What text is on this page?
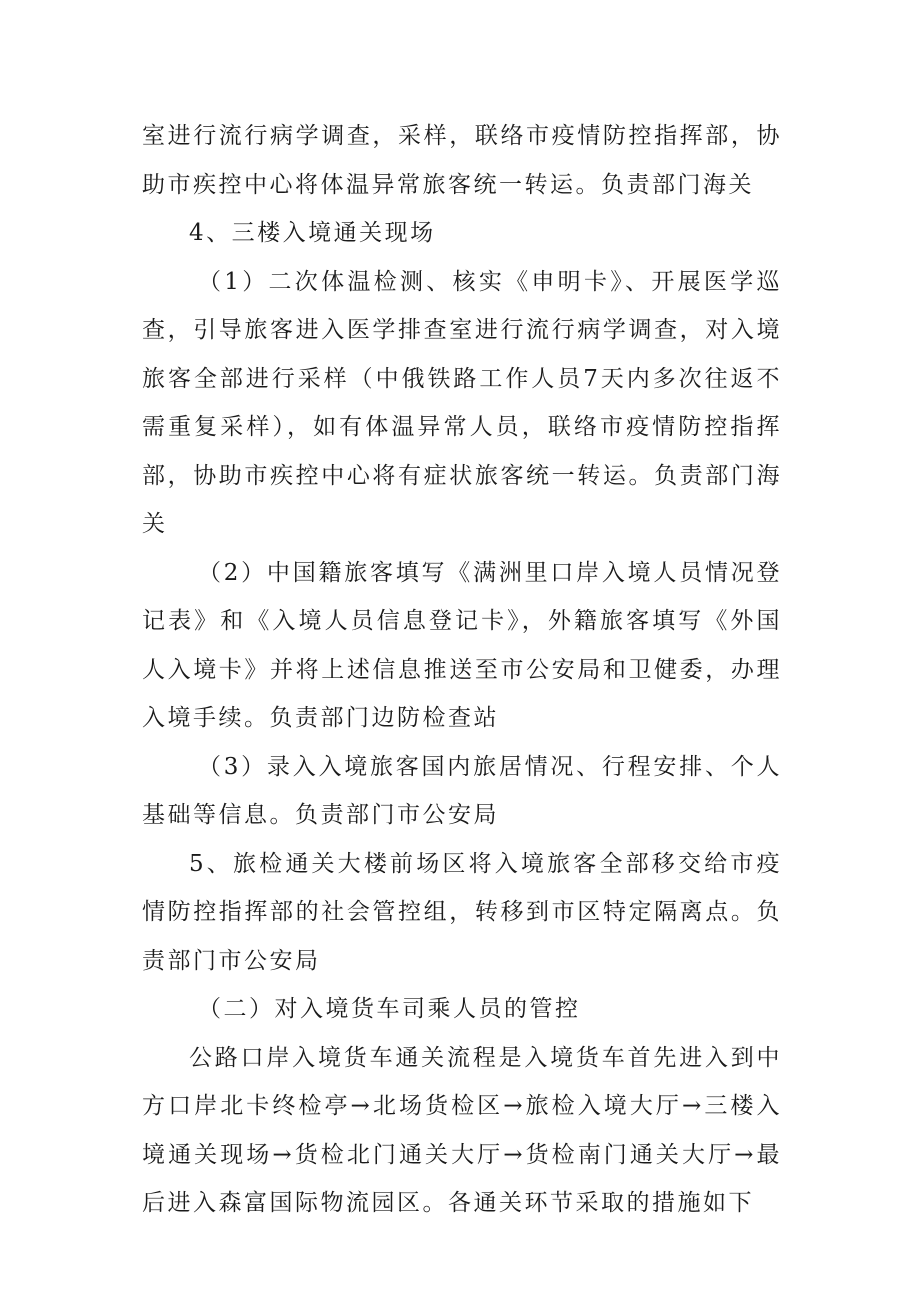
室进行流行病学调查，采样，联络市疫情防控指挥部，协助市疾控中心将体温异常旅客统一转运。负责部门海关

4、三楼入境通关现场

（1）二次体温检测、核实《申明卡》、开展医学巡查，引导旅客进入医学排查室进行流行病学调查，对入境旅客全部进行采样（中俄铁路工作人员7天内多次往返不需重复采样），如有体温异常人员，联络市疫情防控指挥部，协助市疾控中心将有症状旅客统一转运。负责部门海关

（2）中国籍旅客填写《满洲里口岸入境人员情况登记表》和《入境人员信息登记卡》，外籍旅客填写《外国人入境卡》并将上述信息推送至市公安局和卫健委，办理入境手续。负责部门边防检查站

（3）录入入境旅客国内旅居情况、行程安排、个人基础等信息。负责部门市公安局

5、旅检通关大楼前场区将入境旅客全部移交给市疫情防控指挥部的社会管控组，转移到市区特定隔离点。负责部门市公安局

（二）对入境货车司乘人员的管控

公路口岸入境货车通关流程是入境货车首先进入到中方口岸北卡终检亭→北场货检区→旅检入境大厅→三楼入境通关现场→货检北门通关大厅→货检南门通关大厅→最后进入森富国际物流园区。各通关环节采取的措施如下
